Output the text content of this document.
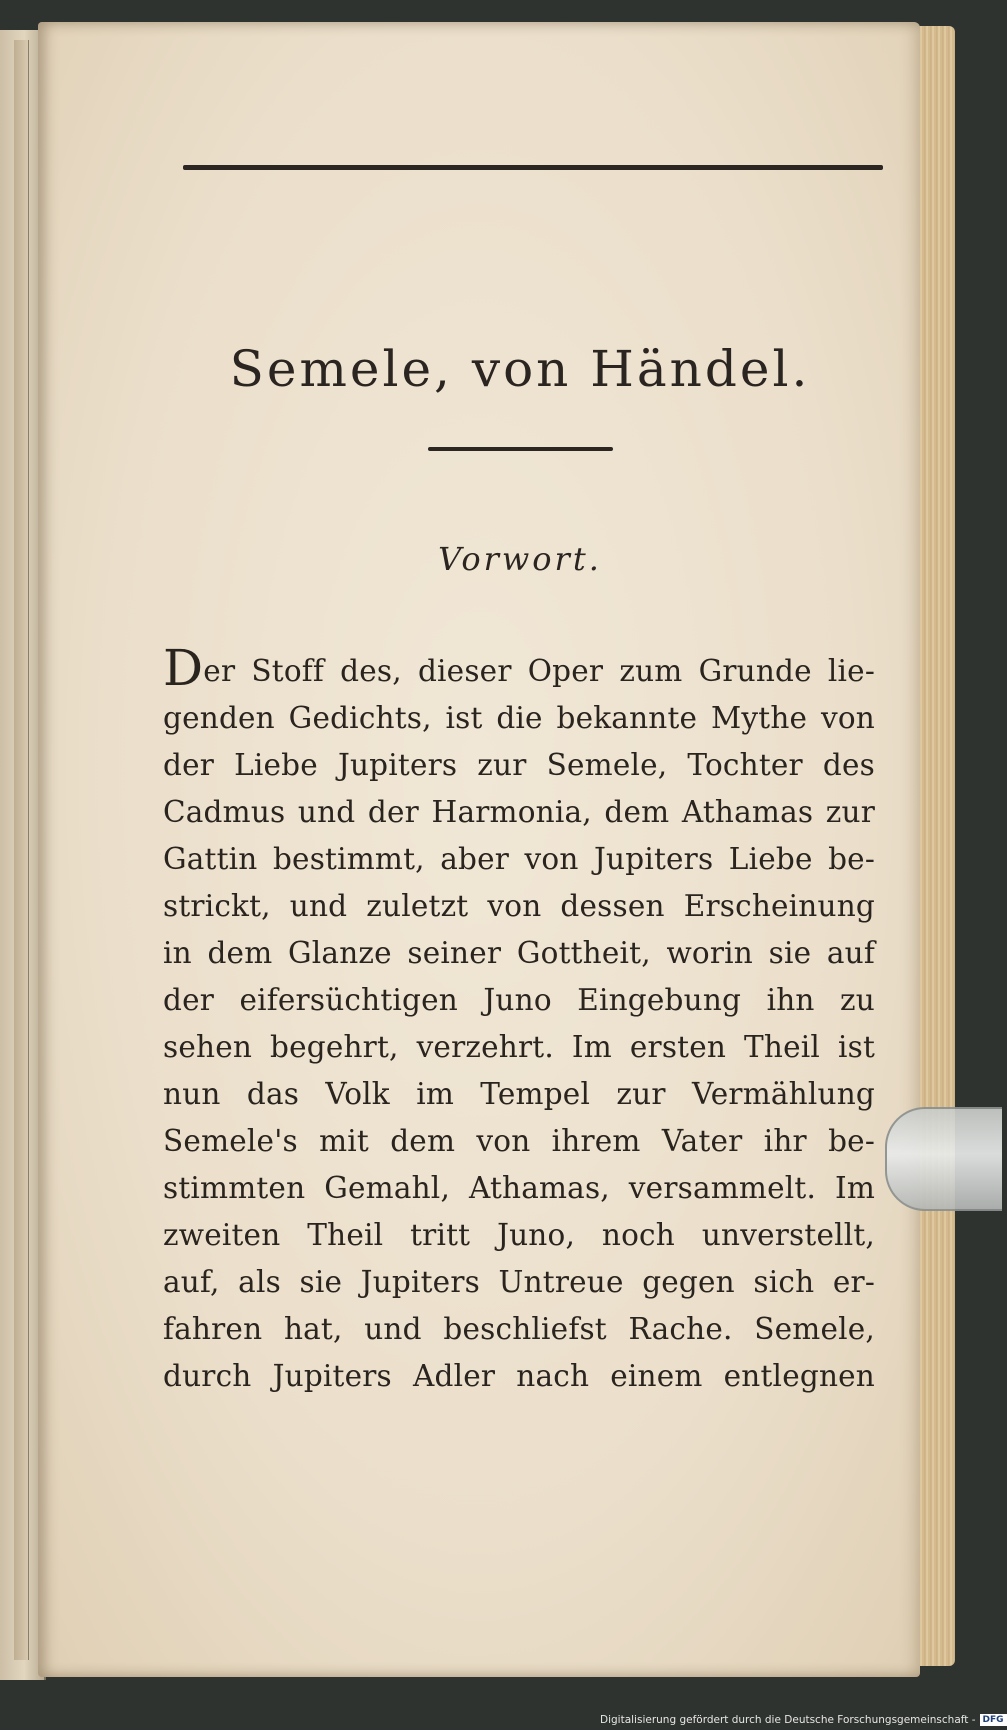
Semele, von Händel.
Vorwort.
Der Stoff des, dieser Oper zum Grunde lie-
genden Gedichts, ist die bekannte Mythe von
der Liebe Jupiters zur Semele, Tochter des
Cadmus und der Harmonia, dem Athamas zur
Gattin bestimmt, aber von Jupiters Liebe be-
strickt, und zuletzt von dessen Erscheinung
in dem Glanze seiner Gottheit, worin sie auf
der eifersüchtigen Juno Eingebung ihn zu
sehen begehrt, verzehrt. Im ersten Theil ist
nun das Volk im Tempel zur Vermählung
Semele's mit dem von ihrem Vater ihr be-
stimmten Gemahl, Athamas, versammelt. Im
zweiten Theil tritt Juno, noch unverstellt,
auf, als sie Jupiters Untreue gegen sich er-
fahren hat, und beschliefst Rache. Semele,
durch Jupiters Adler nach einem entlegnen
Digitalisierung gefördert durch die Deutsche Forschungsgemeinschaft - DFG
